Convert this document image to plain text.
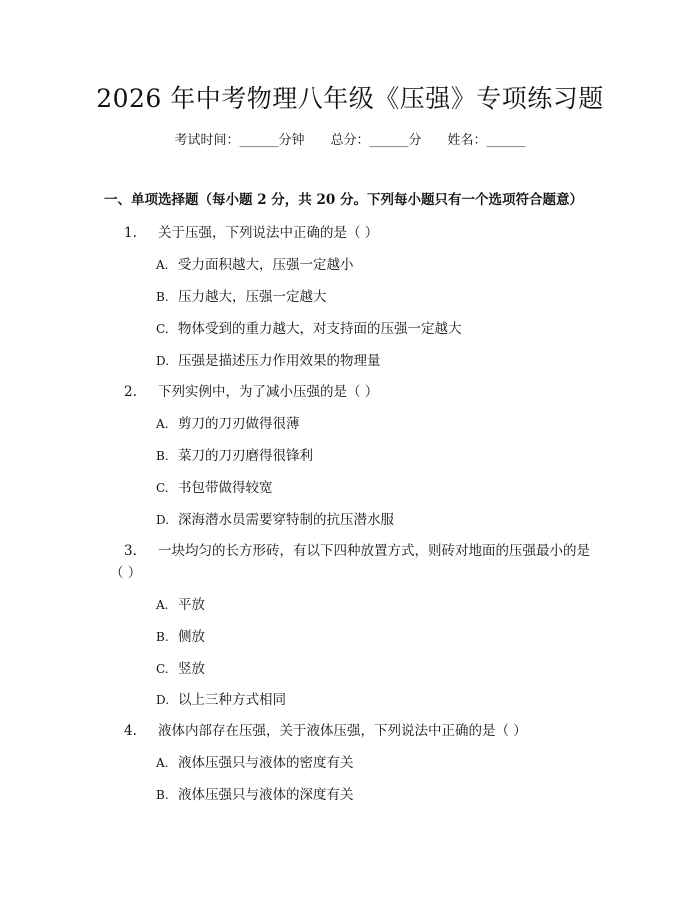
2026 年中考物理八年级《压强》专项练习题
考试时间：______分钟 总分：______分 姓名：______
一、单项选择题（每小题 2 分，共 20 分。下列每小题只有一个选项符合题意）
1. 关于压强，下列说法中正确的是（ ）
A. 受力面积越大，压强一定越小
B. 压力越大，压强一定越大
C. 物体受到的重力越大，对支持面的压强一定越大
D. 压强是描述压力作用效果的物理量
2. 下列实例中，为了减小压强的是（ ）
A. 剪刀的刀刃做得很薄
B. 菜刀的刀刃磨得很锋利
C. 书包带做得较宽
D. 深海潜水员需要穿特制的抗压潜水服
3. 一块均匀的长方形砖，有以下四种放置方式，则砖对地面的压强最小的是（ ）
A. 平放
B. 侧放
C. 竖放
D. 以上三种方式相同
4. 液体内部存在压强，关于液体压强，下列说法中正确的是（ ）
A. 液体压强只与液体的密度有关
B. 液体压强只与液体的深度有关
